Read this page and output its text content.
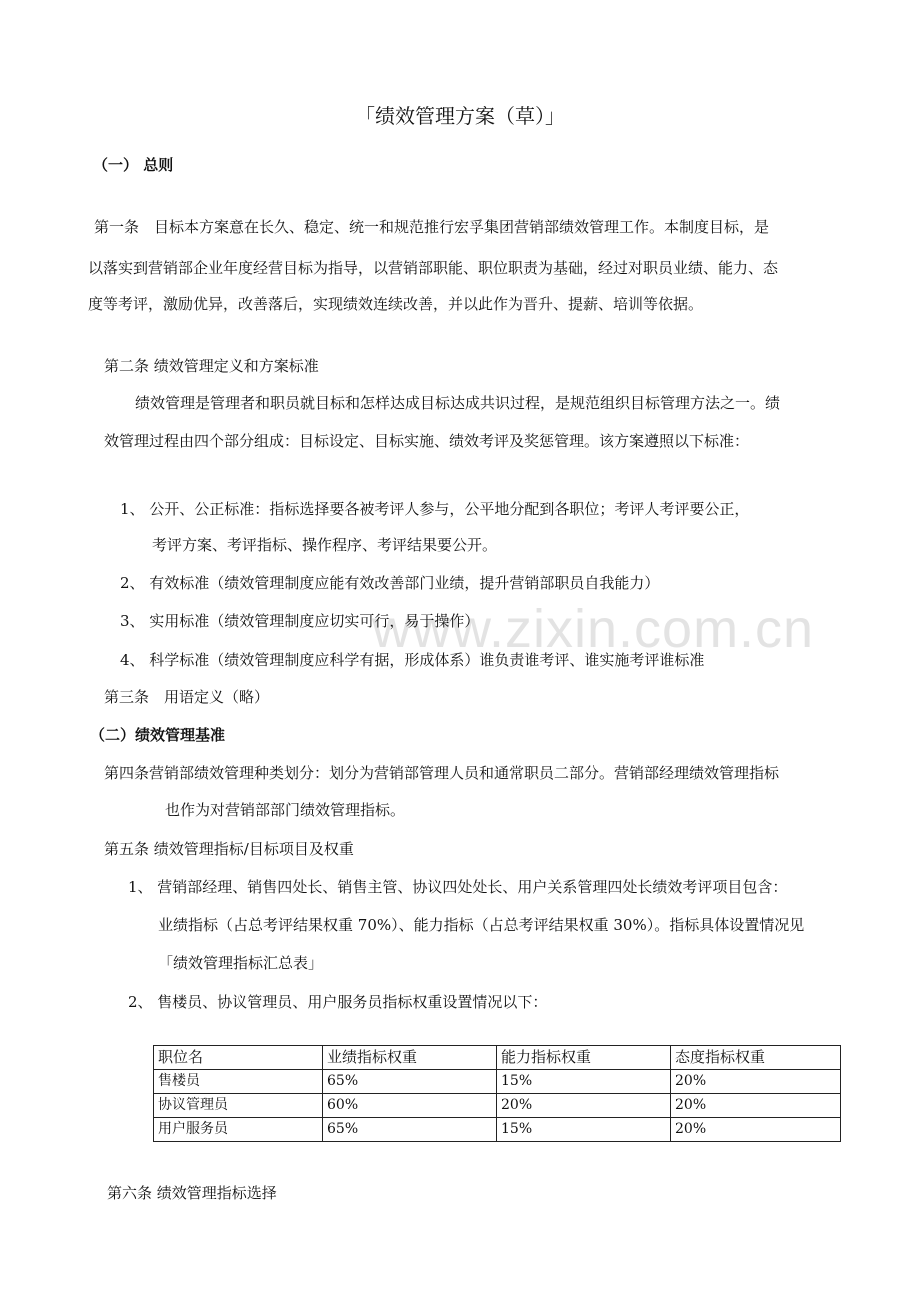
www.zixin.com.cn
「绩效管理方案（草）」
（一） 总则
第一条　目标本方案意在长久、稳定、统一和规范推行宏孚集团营销部绩效管理工作。本制度目标，是
以落实到营销部企业年度经营目标为指导，以营销部职能、职位职责为基础，经过对职员业绩、能力、态
度等考评，激励优异，改善落后，实现绩效连续改善，并以此作为晋升、提薪、培训等依据。
第二条 绩效管理定义和方案标准
绩效管理是管理者和职员就目标和怎样达成目标达成共识过程，是规范组织目标管理方法之一。绩
效管理过程由四个部分组成：目标设定、目标实施、绩效考评及奖惩管理。该方案遵照以下标准：
1、 公开、公正标准：指标选择要各被考评人参与，公平地分配到各职位；考评人考评要公正，
考评方案、考评指标、操作程序、考评结果要公开。
2、 有效标准（绩效管理制度应能有效改善部门业绩，提升营销部职员自我能力）
3、 实用标准（绩效管理制度应切实可行，易于操作）
4、 科学标准（绩效管理制度应科学有据，形成体系）谁负责谁考评、谁实施考评谁标准
第三条　用语定义（略）
（二）绩效管理基准
第四条营销部绩效管理种类划分：划分为营销部管理人员和通常职员二部分。营销部经理绩效管理指标
也作为对营销部部门绩效管理指标。
第五条 绩效管理指标/目标项目及权重
1、 营销部经理、销售四处长、销售主管、协议四处处长、用户关系管理四处长绩效考评项目包含：
业绩指标（占总考评结果权重 70%）、能力指标（占总考评结果权重 30%）。指标具体设置情况见
「绩效管理指标汇总表」
2、 售楼员、协议管理员、用户服务员指标权重设置情况以下：
职位名	业绩指标权重	能力指标权重	态度指标权重
售楼员	65%	15%	20%
协议管理员	60%	20%	20%
用户服务员	65%	15%	20%
第六条 绩效管理指标选择
